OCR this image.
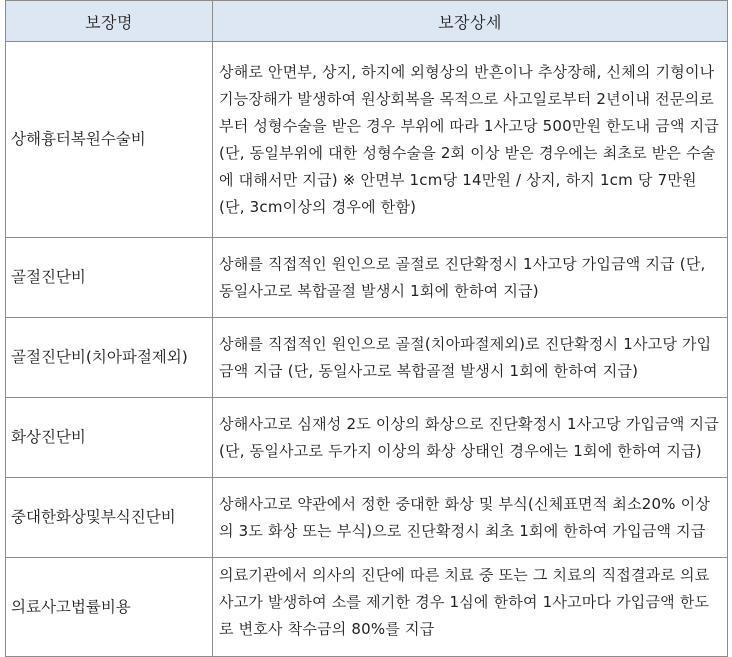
보장명	보장상세
상해흉터복원수술비	상해로 안면부, 상지, 하지에 외형상의 반흔이나 추상장해, 신체의 기형이나 기능장해가 발생하여 원상회복을 목적으로 사고일로부터 2년이내 전문의로부터 성형수술을 받은 경우 부위에 따라 1사고당 500만원 한도내 금액 지급 (단, 동일부위에 대한 성형수술을 2회 이상 받은 경우에는 최초로 받은 수술에 대해서만 지급) ※ 안면부 1cm당 14만원 / 상지, 하지 1cm 당 7만원 (단, 3cm이상의 경우에 한함)
골절진단비	상해를 직접적인 원인으로 골절로 진단확정시 1사고당 가입금액 지급 (단, 동일사고로 복합골절 발생시 1회에 한하여 지급)
골절진단비(치아파절제외)	상해를 직접적인 원인으로 골절(치아파절제외)로 진단확정시 1사고당 가입금액 지급 (단, 동일사고로 복합골절 발생시 1회에 한하여 지급)
화상진단비	상해사고로 심재성 2도 이상의 화상으로 진단확정시 1사고당 가입금액 지급 (단, 동일사고로 두가지 이상의 화상 상태인 경우에는 1회에 한하여 지급)
중대한화상및부식진단비	상해사고로 약관에서 정한 중대한 화상 및 부식(신체표면적 최소20% 이상의 3도 화상 또는 부식)으로 진단확정시 최초 1회에 한하여 가입금액 지급
의료사고법률비용	의료기관에서 의사의 진단에 따른 치료 중 또는 그 치료의 직접결과로 의료사고가 발생하여 소를 제기한 경우 1심에 한하여 1사고마다 가입금액 한도로 변호사 착수금의 80%를 지급
